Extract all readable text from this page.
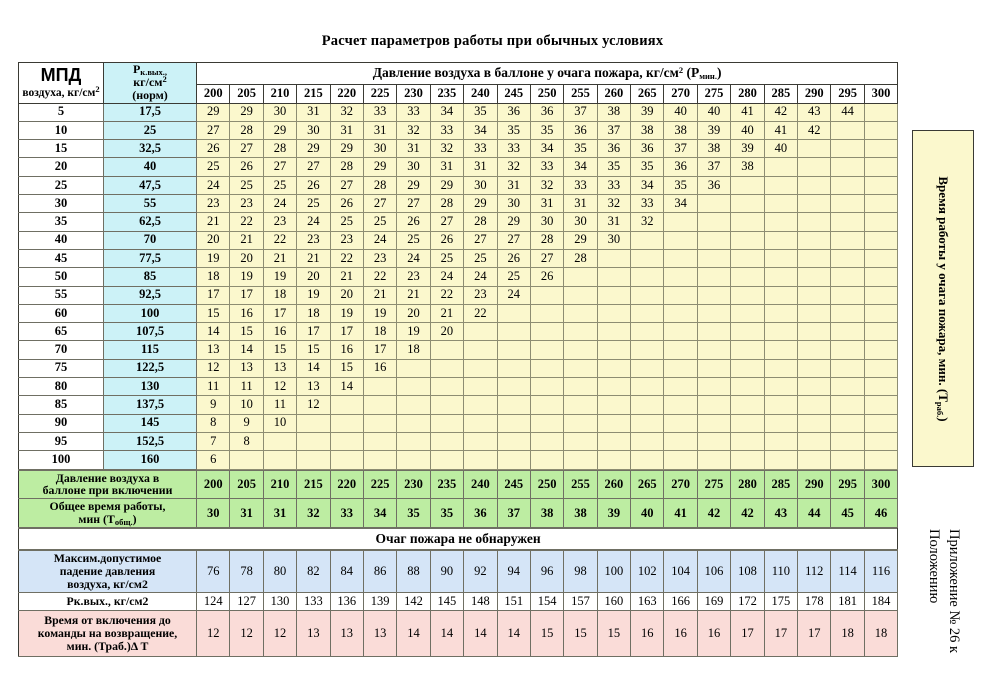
Расчет параметров работы при обычных условиях
МПД
воздуха, $кг/см^2$

$Р_{к.вых.,}$
$кг/см^2$
(норм)
	Давление воздуха в баллоне у очага пожара, $кг/см^2$ $(Р_{мин.})$
		200	205	210	215	220	225	230	235	240	245	250	255	260	265	270	275	280	285	290	295	300
5	17,5	29	29	30	31	32	33	33	34	35	36	36	37	38	39	40	40	41	42	43	44	
10	25	27	28	29	30	31	31	32	33	34	35	35	36	37	38	38	39	40	41	42		
15	32,5	26	27	28	29	29	30	31	32	33	33	34	35	36	36	37	38	39	40			
20	40	25	26	27	27	28	29	30	31	31	32	33	34	35	35	36	37	38				
25	47,5	24	25	25	26	27	28	29	29	30	31	32	33	33	34	35	36					
30	55	23	23	24	25	26	27	27	28	29	30	31	31	32	33	34						
35	62,5	21	22	23	24	25	25	26	27	28	29	30	30	31	32							
40	70	20	21	22	23	23	24	25	26	27	27	28	29	30								
45	77,5	19	20	21	21	22	23	24	25	25	26	27	28									
50	85	18	19	19	20	21	22	23	24	24	25	26										
55	92,5	17	17	18	19	20	21	21	22	23	24											
60	100	15	16	17	18	19	19	20	21	22												
65	107,5	14	15	16	17	17	18	19	20													
70	115	13	14	15	15	16	17	18														
75	122,5	12	13	13	14	15	16															
80	130	11	11	12	13	14																
85	137,5	9	10	11	12																	
90	145	8	9	10																		
95	152,5	7	8																			
100	160	6																				
Давление воздуха в
баллоне при включении	200	205	210	215	220	225	230	235	240	245	250	255	260	265	270	275	280	285	290	295	300

Общее время работы,
мин $(Т_{общ.})$	30	31	31	32	33	34	35	35	36	37	38	38	39	40	41	42	42	43	44	45	46
Очаг пожара не обнаружен
Максим.допустимое
падение давления
воздуха, кг/см2	76	78	80	82	84	86	88	90	92	94	96	98	100	102	104	106	108	110	112	114	116

Рк.вых., кг/см2	124	127	130	133	136	139	142	145	148	151	154	157	160	163	166	169	172	175	178	181	184

Время от включения до
команды на возвращение,
мин. (Траб.)Δ Т	12	12	12	13	13	13	14	14	14	14	15	15	15	16	16	16	17	17	17	18	18
Время работы у очага пожара, мин. $(Т_{раб.})$
Приложение № 26 к
Положению
